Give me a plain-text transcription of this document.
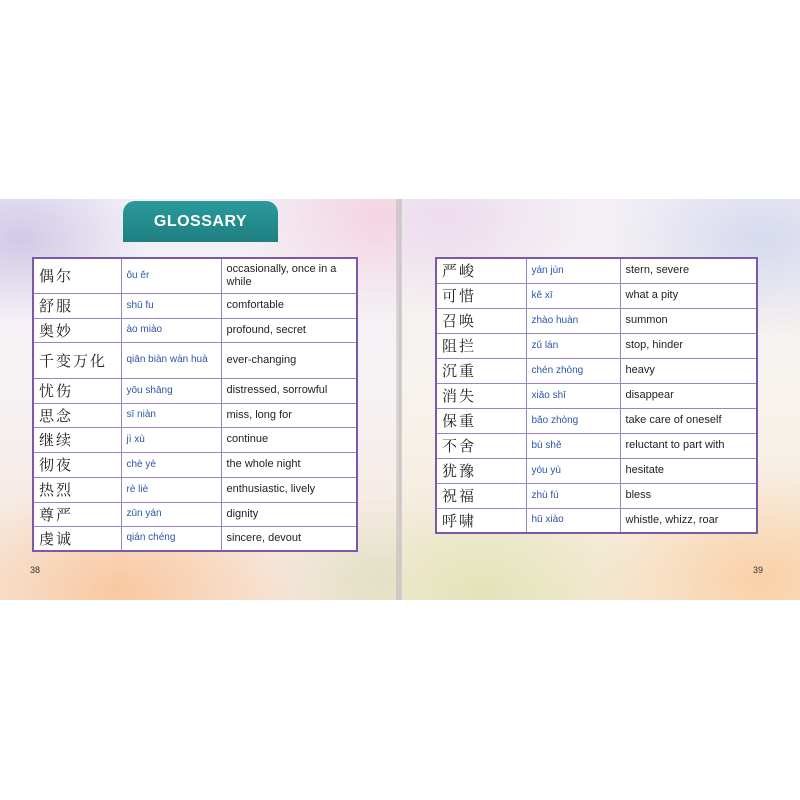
GLOSSARY
偶尔	ǒu ěr	occasionally, once in a while
舒服	shū fu	comfortable
奥妙	ào miào	profound, secret
千变万化	qiān biàn wàn huà	ever-changing
忧伤	yōu shāng	distressed, sorrowful
思念	sī niàn	miss, long for
继续	jì xù	continue
彻夜	chè yè	the whole night
热烈	rè liè	enthusiastic, lively
尊严	zūn yán	dignity
虔诚	qián chéng	sincere, devout
38
严峻	yán jùn	stern, severe
可惜	kě xī	what a pity
召唤	zhào huàn	summon
阻拦	zǔ lán	stop, hinder
沉重	chén zhòng	heavy
消失	xiāo shī	disappear
保重	bǎo zhòng	take care of oneself
不舍	bù shě	reluctant to part with
犹豫	yóu yù	hesitate
祝福	zhù fú	bless
呼啸	hū xiào	whistle, whizz, roar
39
